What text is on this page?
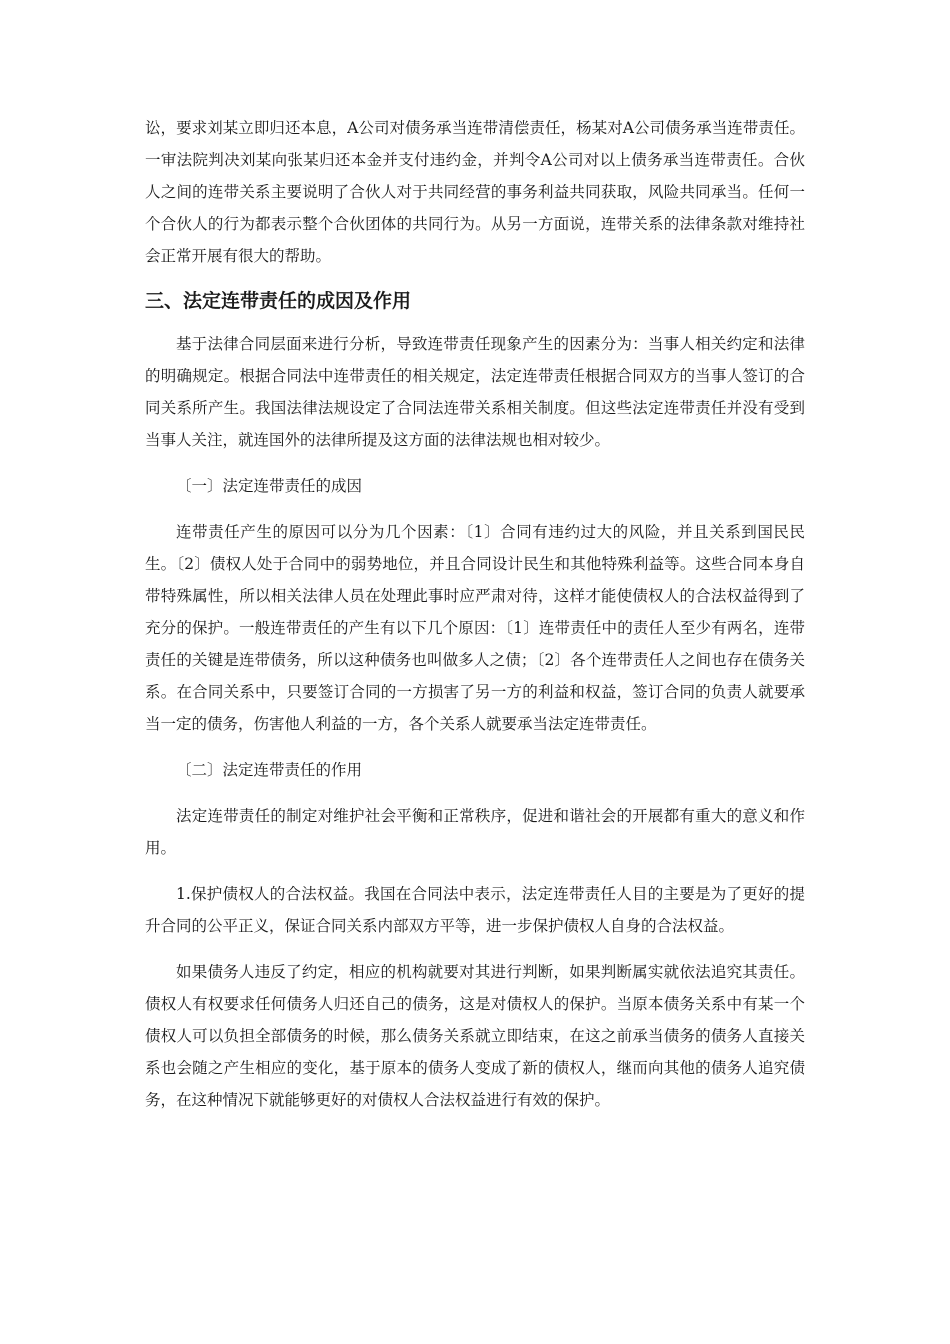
讼，要求刘某立即归还本息，A公司对债务承当连带清偿责任，杨某对A公司债务承当连带责任。一审法院判决刘某向张某归还本金并支付违约金，并判令A公司对以上债务承当连带责任。合伙人之间的连带关系主要说明了合伙人对于共同经营的事务利益共同获取，风险共同承当。任何一个合伙人的行为都表示整个合伙团体的共同行为。从另一方面说，连带关系的法律条款对维持社会正常开展有很大的帮助。

三、法定连带责任的成因及作用

基于法律合同层面来进行分析，导致连带责任现象产生的因素分为：当事人相关约定和法律的明确规定。根据合同法中连带责任的相关规定，法定连带责任根据合同双方的当事人签订的合同关系所产生。我国法律法规设定了合同法连带关系相关制度。但这些法定连带责任并没有受到当事人关注，就连国外的法律所提及这方面的法律法规也相对较少。

〔一〕法定连带责任的成因

连带责任产生的原因可以分为几个因素：〔1〕合同有违约过大的风险，并且关系到国民民生。〔2〕债权人处于合同中的弱势地位，并且合同设计民生和其他特殊利益等。这些合同本身自带特殊属性，所以相关法律人员在处理此事时应严肃对待，这样才能使债权人的合法权益得到了充分的保护。一般连带责任的产生有以下几个原因：〔1〕连带责任中的责任人至少有两名，连带责任的关键是连带债务，所以这种债务也叫做多人之债；〔2〕各个连带责任人之间也存在债务关系。在合同关系中，只要签订合同的一方损害了另一方的利益和权益，签订合同的负责人就要承当一定的债务，伤害他人利益的一方，各个关系人就要承当法定连带责任。

〔二〕法定连带责任的作用

法定连带责任的制定对维护社会平衡和正常秩序，促进和谐社会的开展都有重大的意义和作用。

1.保护债权人的合法权益。我国在合同法中表示，法定连带责任人目的主要是为了更好的提升合同的公平正义，保证合同关系内部双方平等，进一步保护债权人自身的合法权益。

如果债务人违反了约定，相应的机构就要对其进行判断，如果判断属实就依法追究其责任。债权人有权要求任何债务人归还自己的债务，这是对债权人的保护。当原本债务关系中有某一个债权人可以负担全部债务的时候，那么债务关系就立即结束，在这之前承当债务的债务人直接关系也会随之产生相应的变化，基于原本的债务人变成了新的债权人，继而向其他的债务人追究债务，在这种情况下就能够更好的对债权人合法权益进行有效的保护。
